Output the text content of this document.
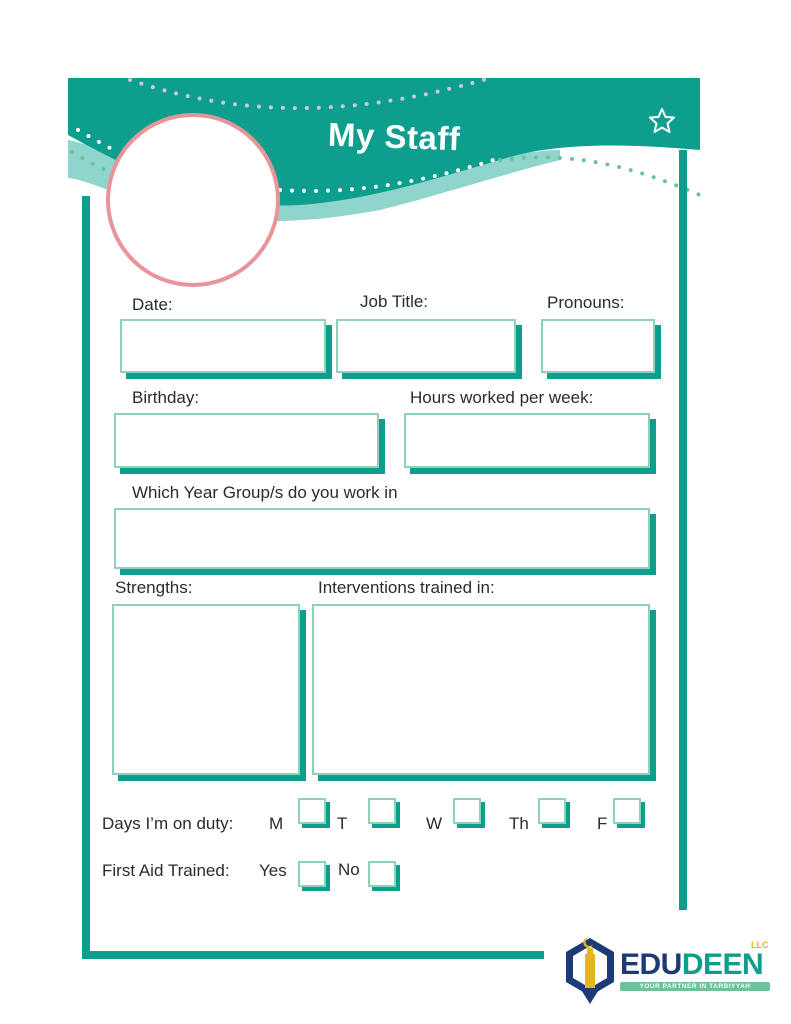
My Staff
Date:	Job Title:	Pronouns:
Birthday:	Hours worked per week:
Which Year Group/s do you work in
Strengths:	Interventions trained in:
Days I’m on duty: M	T	W	Th	F
First Aid Trained: Yes	No
EDUDEEN
LLC
YOUR PARTNER IN TARBIYYAH
